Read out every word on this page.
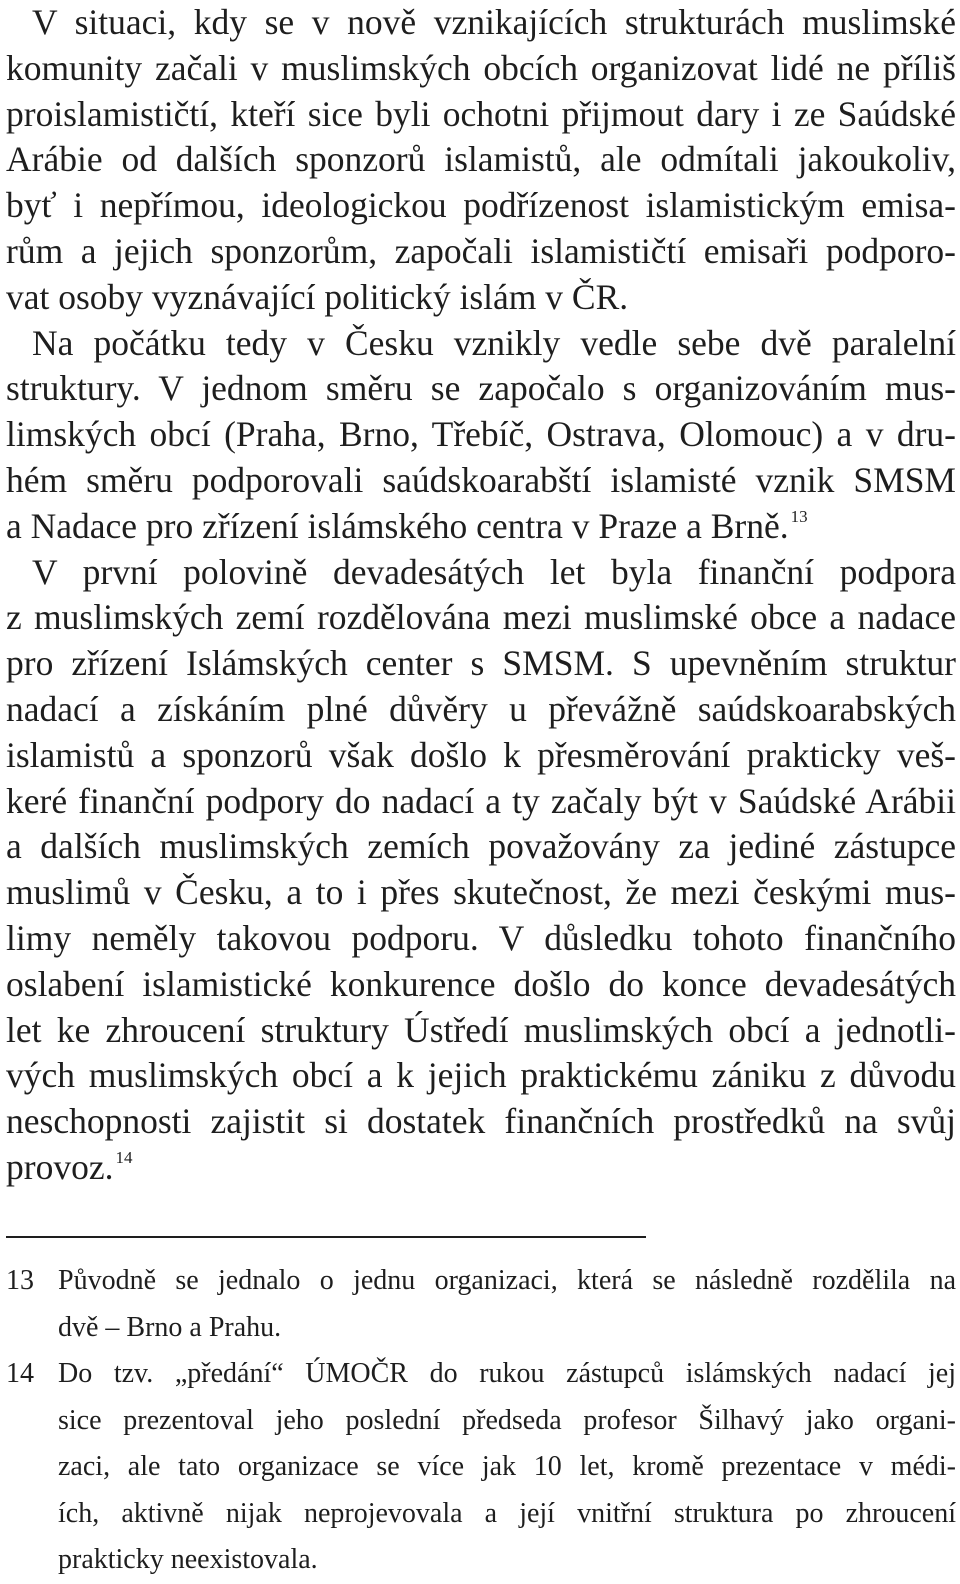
V situaci, kdy se v nově vznikajících strukturách muslimské
komunity začali v muslimských obcích organizovat lidé ne příliš
proislamističtí, kteří sice byli ochotni přijmout dary i ze Saúdské
Arábie od dalších sponzorů islamistů, ale odmítali jakoukoliv,
byť i nepřímou, ideologickou podřízenost islamistickým emisa-
rům a jejich sponzorům, započali islamističtí emisaři podporo-
vat osoby vyznávající politický islám v ČR.
Na počátku tedy v Česku vznikly vedle sebe dvě paralelní
struktury. V jednom směru se započalo s organizováním mus-
limských obcí (Praha, Brno, Třebíč, Ostrava, Olomouc) a v dru-
hém směru podporovali saúdskoarabští islamisté vznik SMSM
a Nadace pro zřízení islámského centra v Praze a Brně. $^{13}$
V první polovině devadesátých let byla finanční podpora
z muslimských zemí rozdělována mezi muslimské obce a nadace
pro zřízení Islámských center s SMSM. S upevněním struktur
nadací a získáním plné důvěry u převážně saúdskoarabských
islamistů a sponzorů však došlo k přesměrování prakticky veš-
keré finanční podpory do nadací a ty začaly být v Saúdské Arábii
a dalších muslimských zemích považovány za jediné zástupce
muslimů v Česku, a to i přes skutečnost, že mezi českými mus-
limy neměly takovou podporu. V důsledku tohoto finančního
oslabení islamistické konkurence došlo do konce devadesátých
let ke zhroucení struktury Ústředí muslimských obcí a jednotli-
vých muslimských obcí a k jejich praktickému zániku z důvodu
neschopnosti zajistit si dostatek finančních prostředků na svůj
provoz. $^{14}$
13 Původně se jednalo o jednu organizaci, která se následně rozdělila na
dvě – Brno a Prahu.
14 Do tzv. „předání“ ÚMOČR do rukou zástupců islámských nadací jej
sice prezentoval jeho poslední předseda profesor Šilhavý jako organi-
zaci, ale tato organizace se více jak 10 let, kromě prezentace v médi-
ích, aktivně nijak neprojevovala a její vnitřní struktura po zhroucení
prakticky neexistovala.
